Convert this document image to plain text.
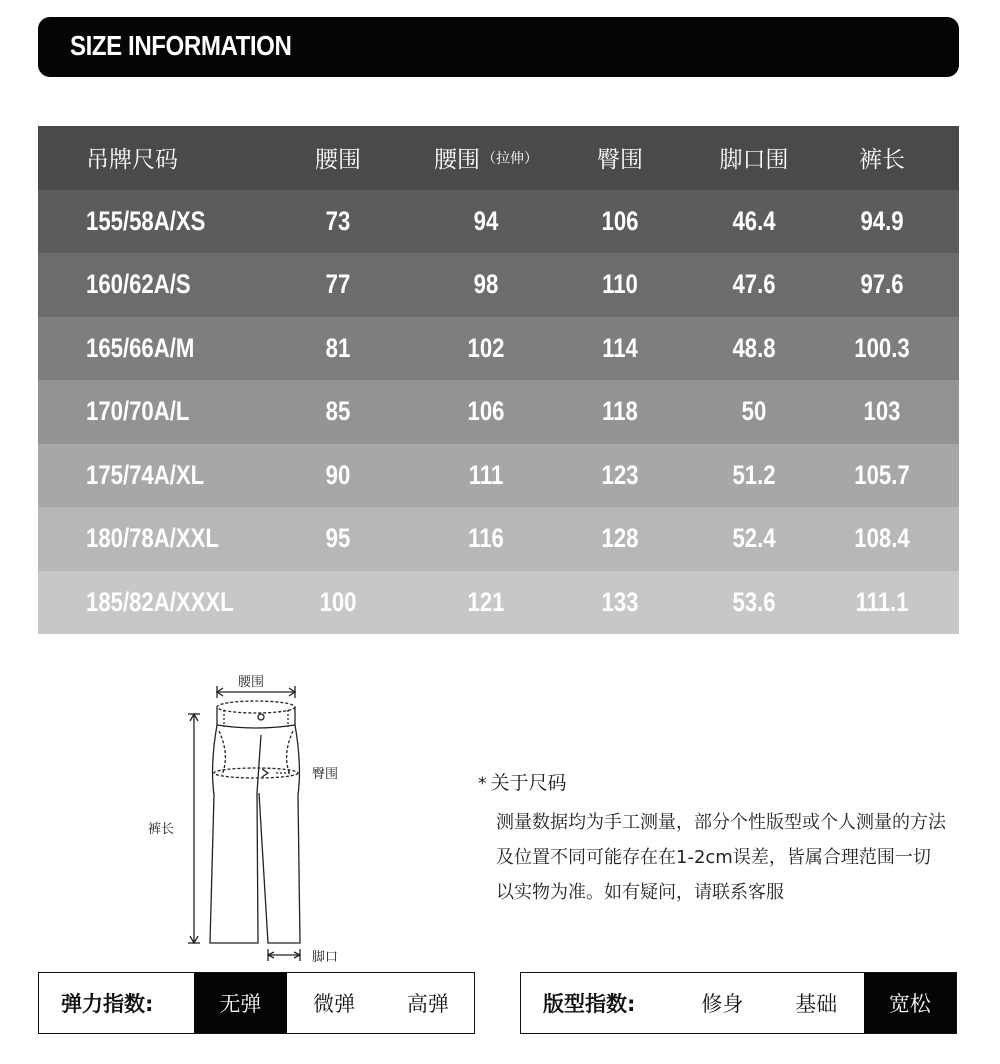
SIZE INFORMATION
吊牌尺码	腰围	腰围 （拉伸）	臀围	脚口围	裤长
155/58A/XS	73	94	106	46.4	94.9
160/62A/S	77	98	110	47.6	97.6
165/66A/M	81	102	114	48.8	100.3
170/70A/L	85	106	118	50	103
175/74A/XL	90	111	123	51.2	105.7
180/78A/XXL	95	116	128	52.4	108.4
185/82A/XXXL	100	121	133	53.6	111.1
腰围
臀围
裤长
脚口
* 关于尺码
测量数据均为手工测量，部分个性版型或个人测量的方法及位置不同可能存在在1-2cm误差，皆属合理范围一切以实物为准。如有疑问，请联系客服
弹力指数:	无弹	微弹	高弹	版型指数:	修身	基础	宽松
